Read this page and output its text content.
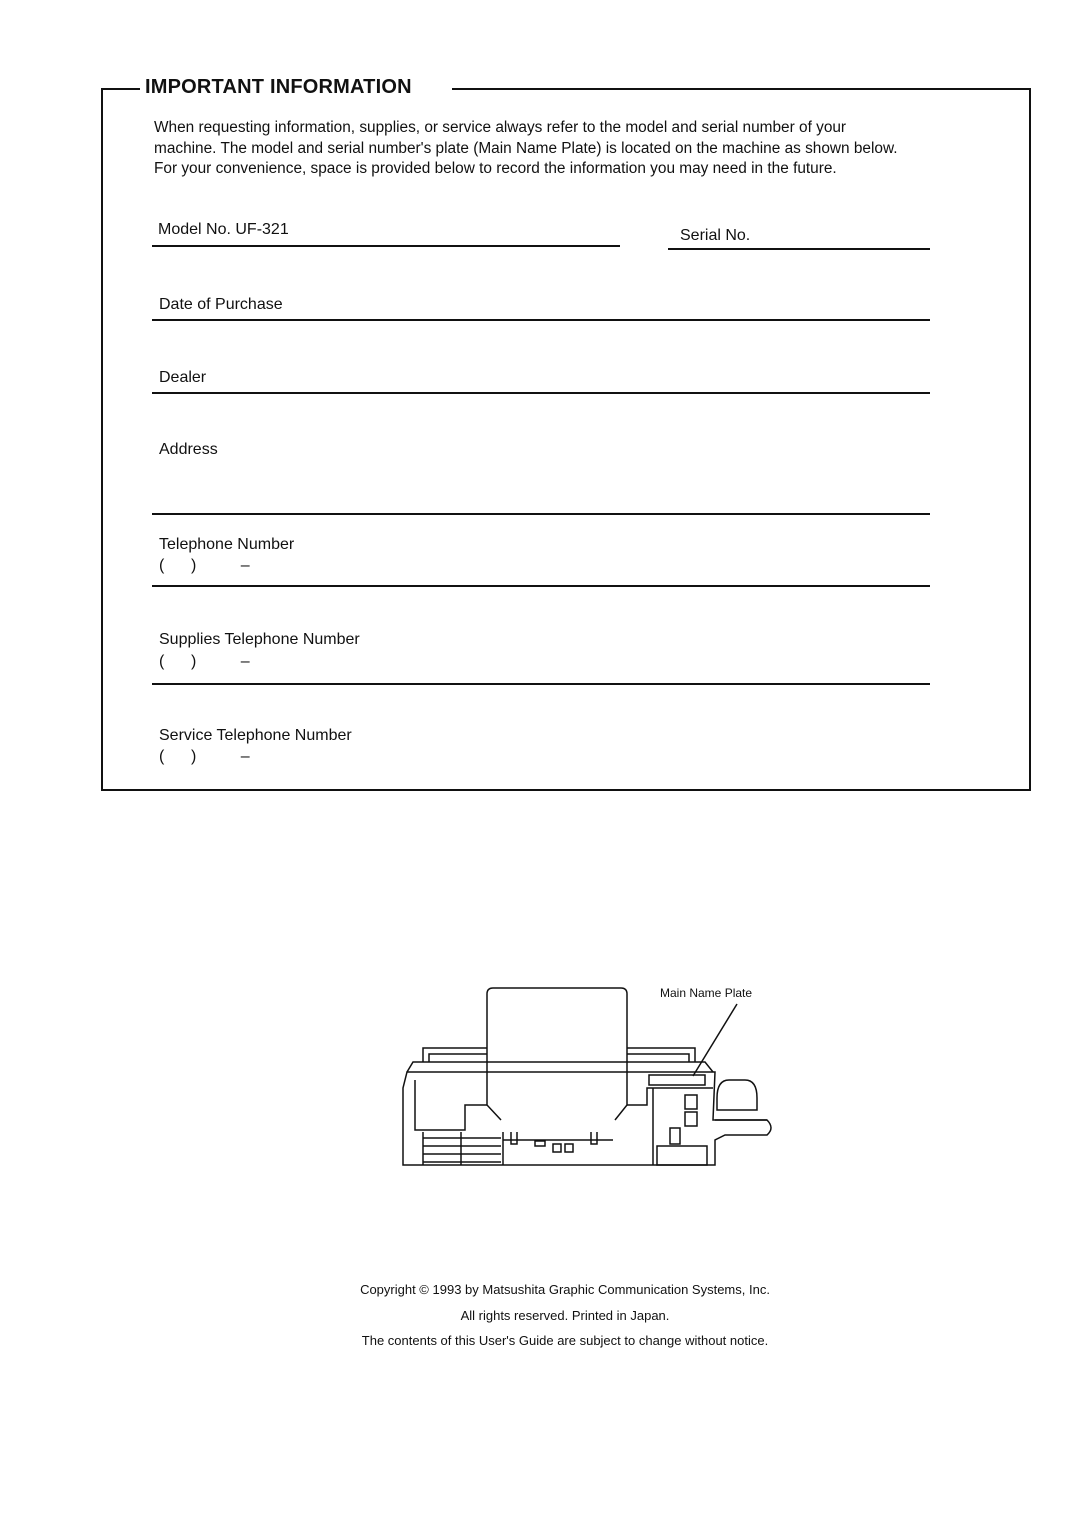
IMPORTANT INFORMATION

When requesting information, supplies, or service always refer to the model and serial number of your

machine. The model and serial number's plate (Main Name Plate) is located on the machine as shown below.

For your convenience, space is provided below to record the information you may need in the future.

Model No. UF-321	Serial No.
Date of Purchase
Dealer
Address
Telephone Number
(      )          –
Supplies Telephone Number
(      )          –
Service Telephone Number
(      )          –
Main Name Plate
Copyright © 1993 by Matsushita Graphic Communication Systems, Inc.
All rights reserved. Printed in Japan.
The contents of this User's Guide are subject to change without notice.
